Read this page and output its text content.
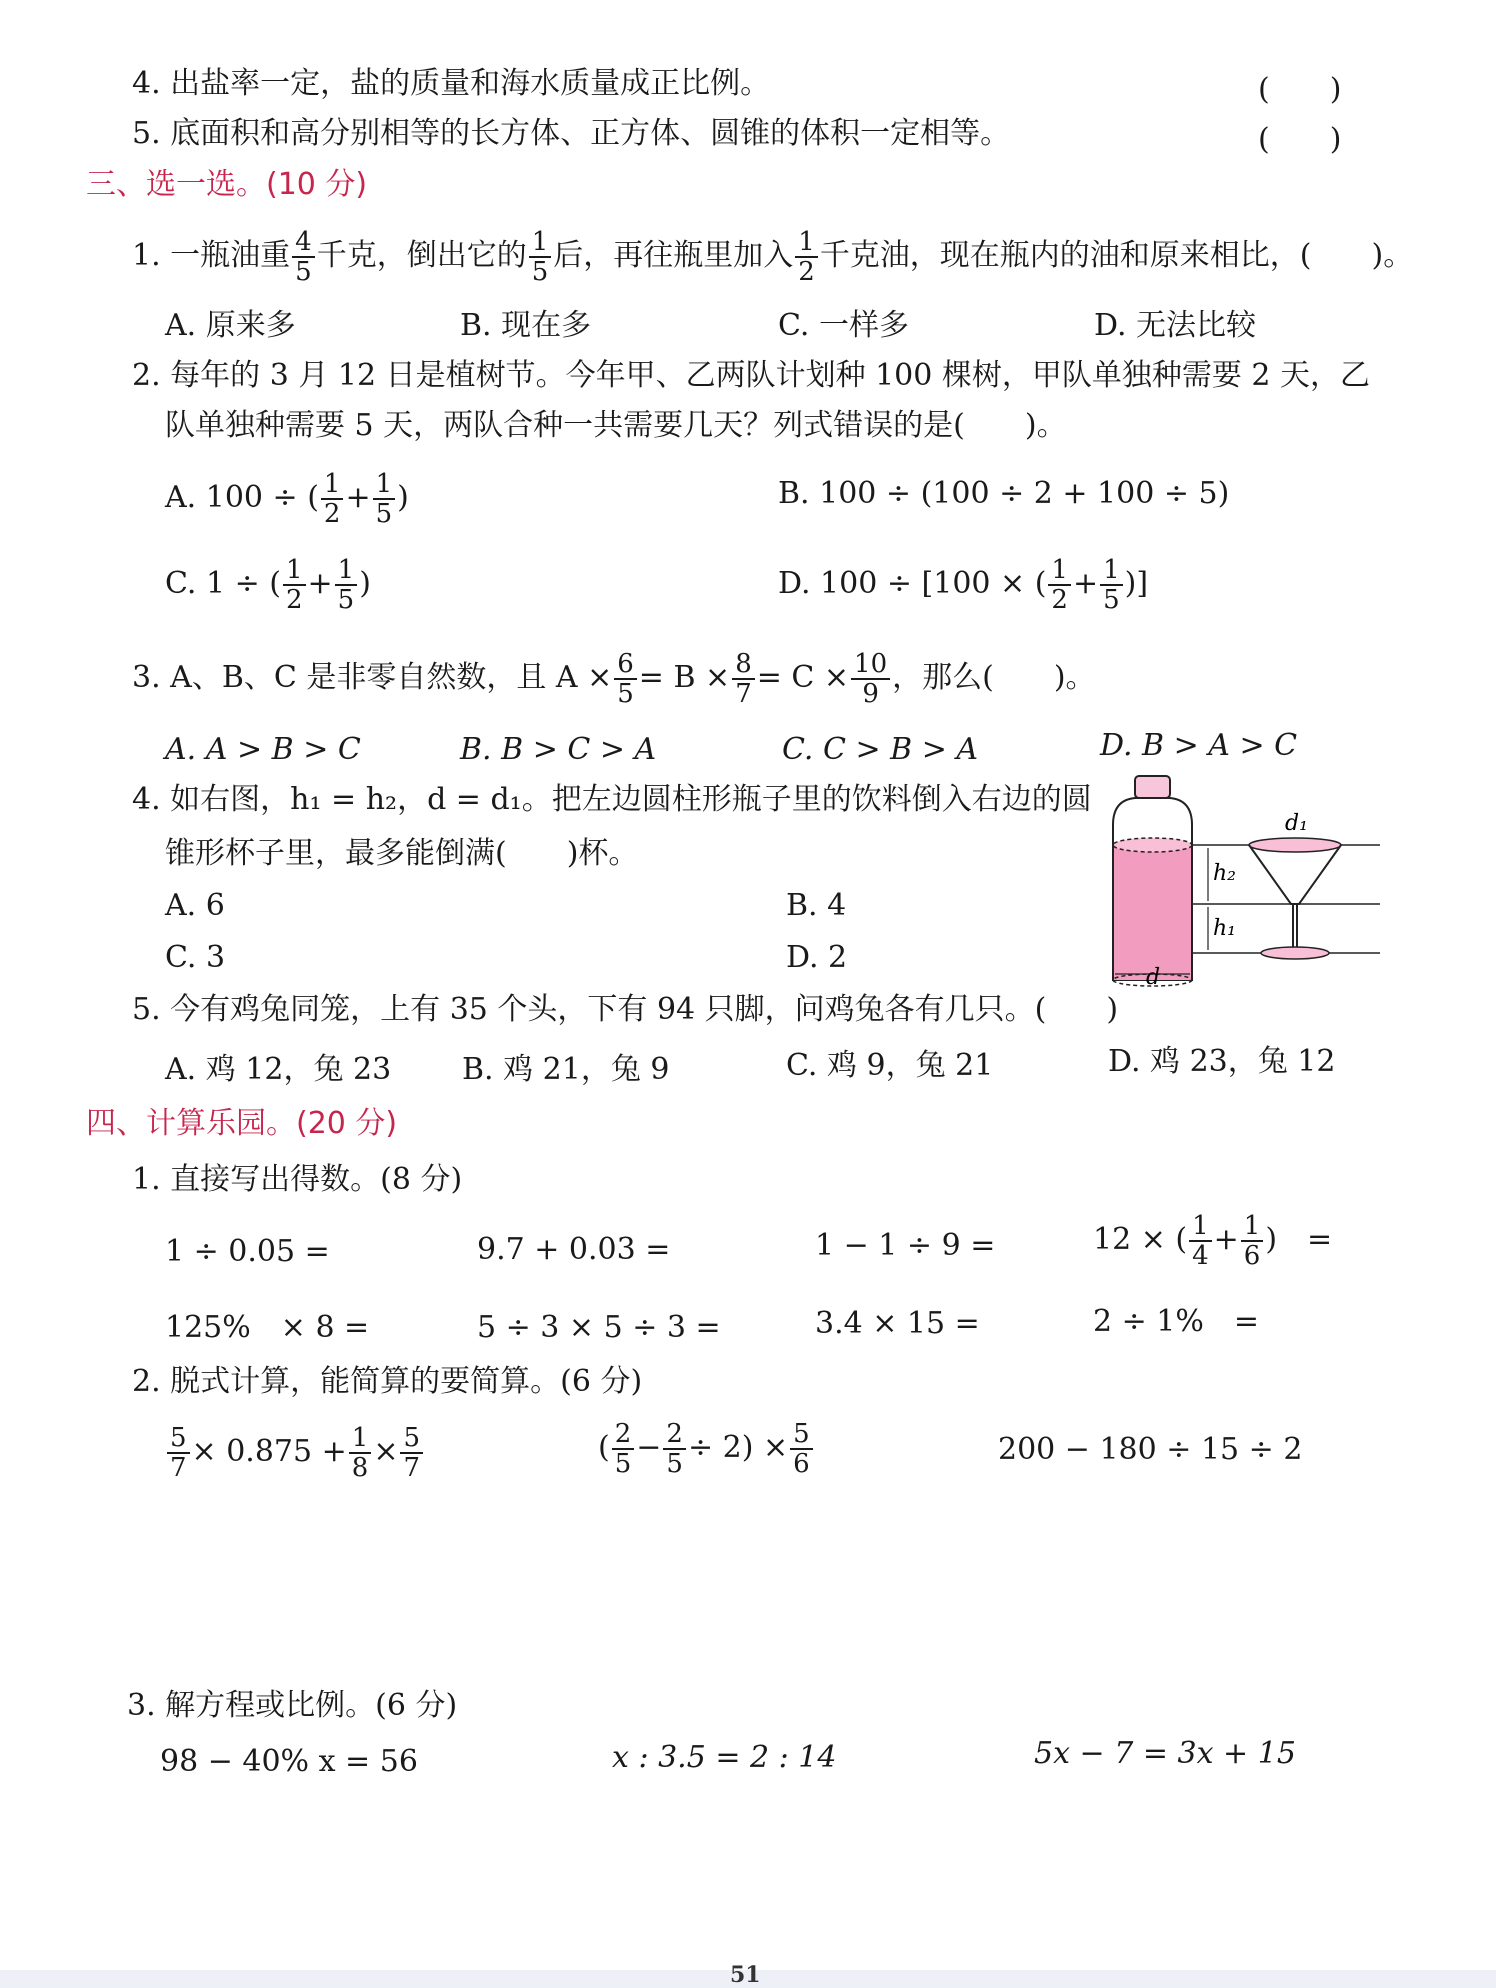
4. 出盐率一定，盐的质量和海水质量成正比例。	(　　)
5. 底面积和高分别相等的长方体、正方体、圆锥的体积一定相等。	(　　)
三、选一选。(10 分)
1. 一瓶油重 $\frac{4}{5}$ 千克，倒出它的 $\frac{1}{5}$ 后，再往瓶里加入 $\frac{1}{2}$ 千克油，现在瓶内的油和原来相比，(　　)。
A. 原来多	B. 现在多	C. 一样多	D. 无法比较
2. 每年的 3 月 12 日是植树节。今年甲、乙两队计划种 100 棵树，甲队单独种需要 2 天，乙
队单独种需要 5 天，两队合种一共需要几天？列式错误的是(　　)。
A. 100 ÷ ( $\frac{1}{2} + \frac{1}{5}$ )	B. 100 ÷ (100 ÷ 2 + 100 ÷ 5)
C. 1 ÷ ( $\frac{1}{2} + \frac{1}{5}$ )	D. 100 ÷ [100 × ( $\frac{1}{2} + \frac{1}{5}$ )]
3. A、B、C 是非零自然数，且 $A \times \frac{6}{5} = B \times \frac{8}{7} = C \times \frac{10}{9}$ ，那么(　　)。
A. A > B > C	B. B > C > A	C. C > B > A	D. B > A > C
4. 如右图，h₁ = h₂，d = d₁。把左边圆柱形瓶子里的饮料倒入右边的圆
锥形杯子里，最多能倒满(　　)杯。
A. 6	B. 4
C. 3	D. 2
d₁
h₂
h₁
d
5. 今有鸡兔同笼，上有 35 个头，下有 94 只脚，问鸡兔各有几只。(　　)
A. 鸡 12，兔 23 B. 鸡 21，兔 9	C. 鸡 9，兔 21	D. 鸡 23，兔 12
四、计算乐园。(20 分)
1. 直接写出得数。(8 分)
1 ÷ 0.05 =	9.7 + 0.03 =	1 − 1 ÷ 9 =	12 × ( $\frac{1}{4} + \frac{1}{6}$ )　=
125%　× 8 =	5 ÷ 3 × 5 ÷ 3 =	3.4 × 15 =	2 ÷ 1%　=
2. 脱式计算，能简算的要简算。(6 分)
$\frac{5}{7} \times 0.875 + \frac{1}{8} \times \frac{5}{7}$	( $\frac{2}{5} - \frac{2}{5} \div 2) \times \frac{5}{6}$	200 − 180 ÷ 15 ÷ 2
3. 解方程或比例。(6 分)
98 − 40% x = 56	x : 3.5 = 2 : 14	5x − 7 = 3x + 15
51
